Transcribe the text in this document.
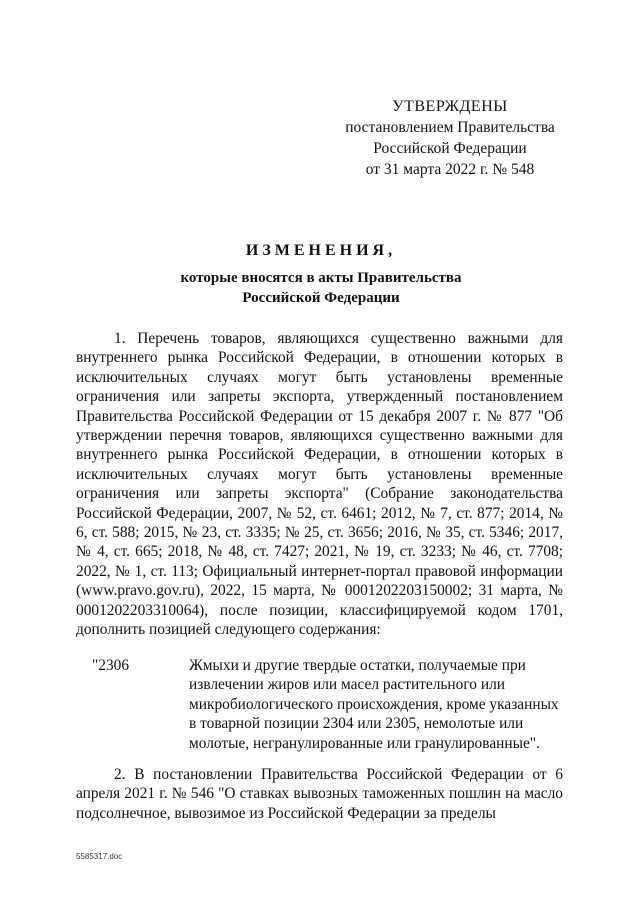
УТВЕРЖДЕНЫ
постановлением Правительства
Российской Федерации
от 31 марта 2022 г. № 548
ИЗМЕНЕНИЯ,
которые вносятся в акты Правительства
Российской Федерации
1. Перечень товаров, являющихся существенно важными для внутреннего рынка Российской Федерации, в отношении которых в исключительных случаях могут быть установлены временные ограничения или запреты экспорта, утвержденный постановлением Правительства Российской Федерации от 15 декабря 2007 г. № 877 "Об утверждении перечня товаров, являющихся существенно важными для внутреннего рынка Российской Федерации, в отношении которых в исключительных случаях могут быть установлены временные ограничения или запреты экспорта" (Собрание законодательства Российской Федерации, 2007, № 52, ст. 6461; 2012, № 7, ст. 877; 2014, № 6, ст. 588; 2015, № 23, ст. 3335; № 25, ст. 3656; 2016, № 35, ст. 5346; 2017, № 4, ст. 665; 2018, № 48, ст. 7427; 2021, № 19, ст. 3233; № 46, ст. 7708; 2022, № 1, ст. 113; Официальный интернет-портал правовой информации (www.pravo.gov.ru), 2022, 15 марта, № 0001202203150002; 31 марта, № 0001202203310064), после позиции, классифицируемой кодом 1701, дополнить позицией следующего содержания:
"2306	Жмыхи и другие твердые остатки, получаемые при извлечении жиров или масел растительного или микробиологического происхождения, кроме указанных в товарной позиции 2304 или 2305, немолотые или молотые, негранулированные или гранулированные".
2. В постановлении Правительства Российской Федерации от 6 апреля 2021 г. № 546 "О ставках вывозных таможенных пошлин на масло подсолнечное, вывозимое из Российской Федерации за пределы
5585317.doc
